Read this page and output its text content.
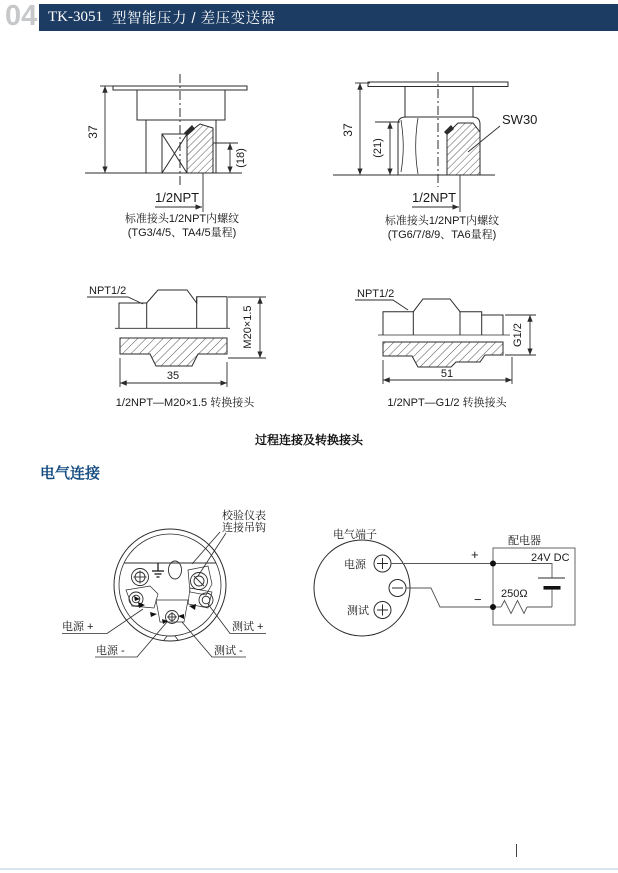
04 TK-3051 型智能压力 / 差压变送器
37
(18)
1/2NPT
标准接头1/2NPT内螺纹
(TG3/4/5、TA4/5量程)
37
(21)
SW30
1/2NPT
标准接头1/2NPT内螺纹
(TG6/7/8/9、TA6量程)
NPT1/2
M20×1.5
35
1/2NPT—M20×1.5 转换接头
NPT1/2
G1/2
51
1/2NPT—G1/2 转换接头
过程连接及转换接头
电气连接
校验仪表
连接吊钩
电源 +
电源 -
测试 +
测试 -
电气端子
电源
测试
+
−
配电器
24V DC
250Ω
